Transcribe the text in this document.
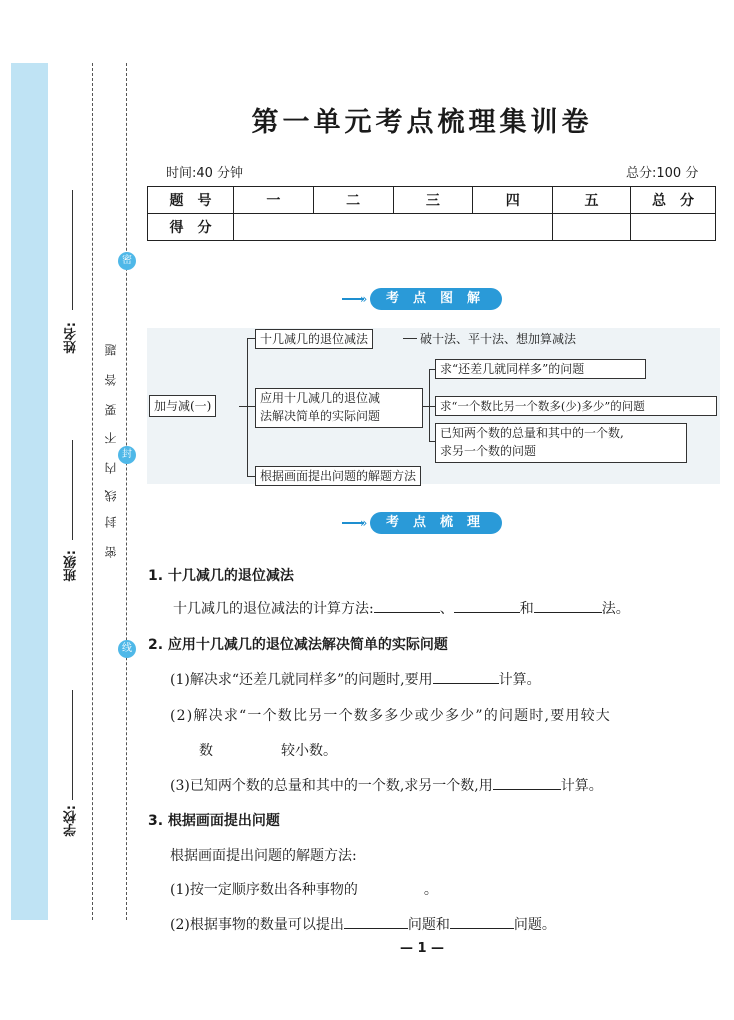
姓名:
班级:
学校:
密
封
线
内
不
要
答
题
密
封
线
第一单元考点梳理集训卷
时间:40 分钟	总分:100 分
题　号	一	二	三	四	五	总　分
得　分						
»	考点图解
加与减(一)
十几减几的退位减法	破十法、平十法、想加算减法
应用十几减几的退位减
法解决简单的实际问题
求“还差几就同样多”的问题
求“一个数比另一个数多(少)多少”的问题
已知两个数的总量和其中的一个数,
求另一个数的问题
根据画面提出问题的解题方法
»	考点梳理
1. 十几减几的退位减法
十几减几的退位减法的计算方法:	、	和	法。
2. 应用十几减几的退位减法解决简单的实际问题
(1)解决求“还差几就同样多”的问题时,要用	计算。
(2)解决求“一个数比另一个数多多少或少多少”的问题时,要用较大
数	较小数。
(3)已知两个数的总量和其中的一个数,求另一个数,用	计算。
3. 根据画面提出问题
根据画面提出问题的解题方法:
(1)按一定顺序数出各种事物的	。
(2)根据事物的数量可以提出	问题和	问题。
— 1 —
